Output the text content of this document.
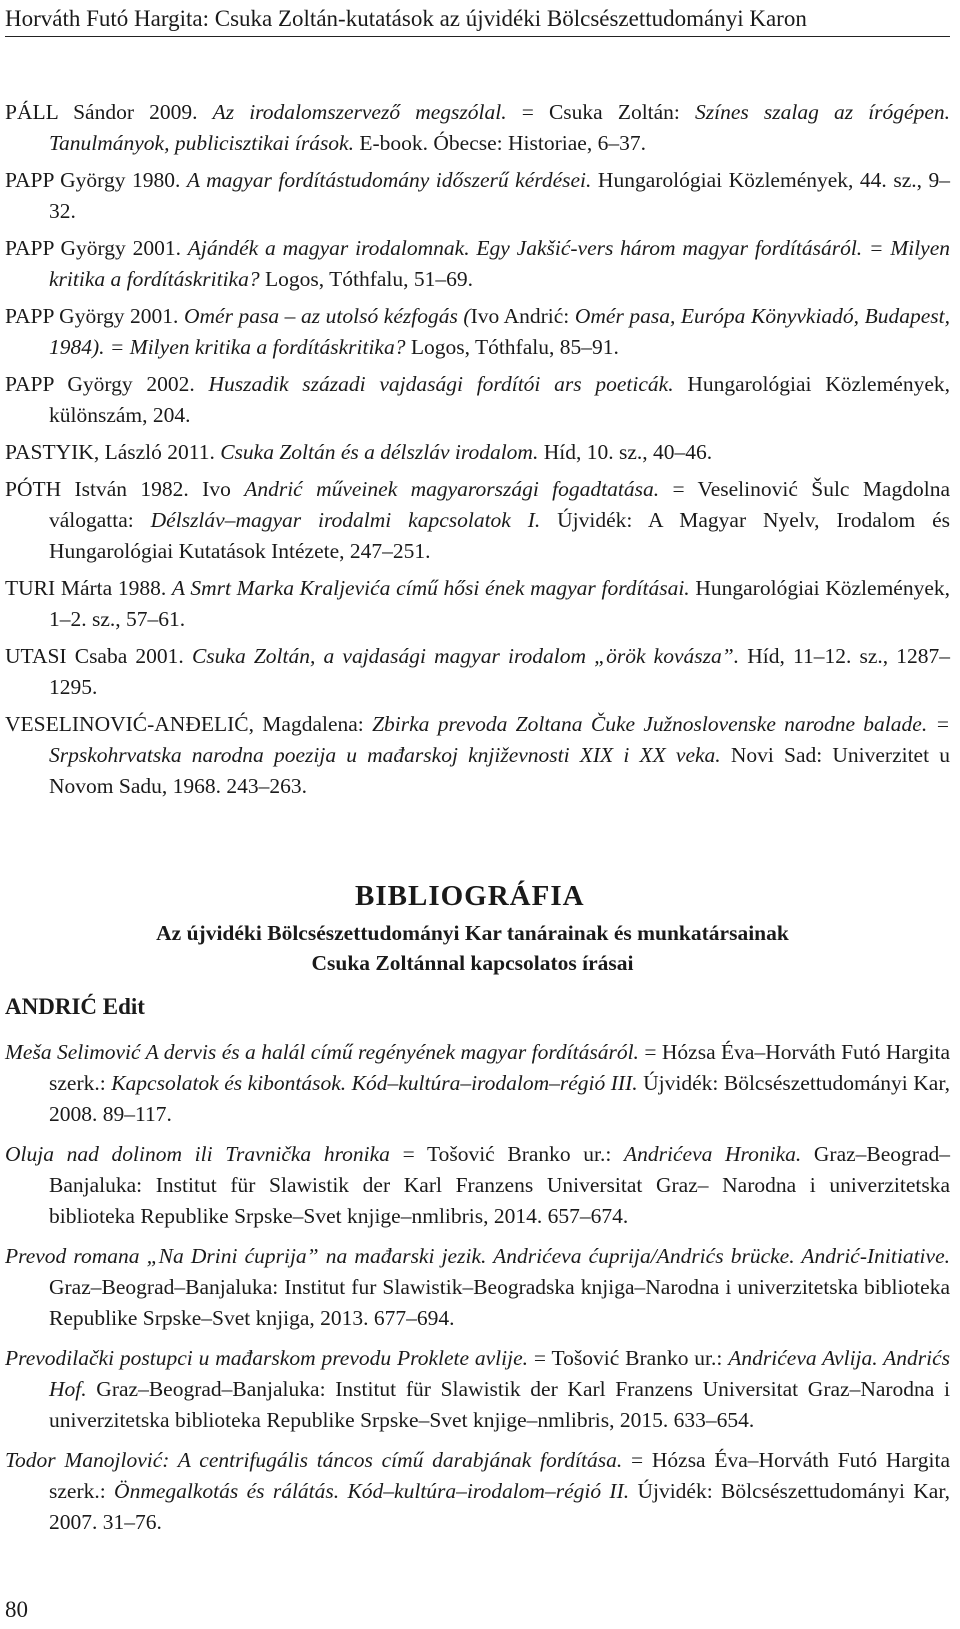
Horváth Futó Hargita: Csuka Zoltán-kutatások az újvidéki Bölcsészettudományi Karon

PÁLL Sándor 2009. Az irodalomszervező megszólal. = Csuka Zoltán: Színes szalag az írógépen. Tanulmányok, publicisztikai írások. E-book. Óbecse: Historiae, 6–37.

PAPP György 1980. A magyar fordítástudomány időszerű kérdései. Hungarológiai Közlemények, 44. sz., 9–32.

PAPP György 2001. Ajándék a magyar irodalomnak. Egy Jakšić-vers három magyar fordításáról. = Milyen kritika a fordításkritika? Logos, Tóthfalu, 51–69.

PAPP György 2001. Omér pasa – az utolsó kézfogás (Ivo Andrić: Omér pasa, Európa Könyvkiadó, Budapest, 1984). = Milyen kritika a fordításkritika? Logos, Tóthfalu, 85–91.

PAPP György 2002. Huszadik századi vajdasági fordítói ars poeticák. Hungarológiai Közlemények, különszám, 204.

PASTYIK, László 2011. Csuka Zoltán és a délszláv irodalom. Híd, 10. sz., 40–46.

PÓTH István 1982. Ivo Andrić műveinek magyarországi fogadtatása. = Veselinović Šulc Magdolna válogatta: Délszláv–magyar irodalmi kapcsolatok I. Újvidék: A Magyar Nyelv, Irodalom és Hungarológiai Kutatások Intézete, 247–251.

TURI Márta 1988. A Smrt Marka Kraljevića című hősi ének magyar fordításai. Hungarológiai Közlemények, 1–2. sz., 57–61.

UTASI Csaba 2001. Csuka Zoltán, a vajdasági magyar irodalom „örök kovásza”. Híd, 11–12. sz., 1287–1295.

VESELINOVIĆ-ANĐELIĆ, Magdalena: Zbirka prevoda Zoltana Čuke Južnoslovenske narodne balade. = Srpskohrvatska narodna poezija u mađarskoj književnosti XIX i XX veka. Novi Sad: Univerzitet u Novom Sadu, 1968. 243–263.

BIBLIOGRÁFIA
Az újvidéki Bölcsészettudományi Kar tanárainak és munkatársainak
Csuka Zoltánnal kapcsolatos írásai
ANDRIĆ Edit

Meša Selimović A dervis és a halál című regényének magyar fordításáról. = Hózsa Éva–Horváth Futó Hargita szerk.: Kapcsolatok és kibontások. Kód–kultúra–irodalom–régió III. Újvidék: Bölcsészettudományi Kar, 2008. 89–117.

Oluja nad dolinom ili Travnička hronika = Tošović Branko ur.: Andrićeva Hronika. Graz–Beograd–Banjaluka: Institut für Slawistik der Karl Franzens Universitat Graz– Narodna i univerzitetska biblioteka Republike Srpske–Svet knjige–nmlibris, 2014. 657–674.

Prevod romana „Na Drini ćuprija” na mađarski jezik. Andrićeva ćuprija/Andrićs brücke. Andrić-Initiative. Graz–Beograd–Banjaluka: Institut fur Slawistik–Beogradska knjiga–Narodna i univerzitetska biblioteka Republike Srpske–Svet knjiga, 2013. 677–694.

Prevodilački postupci u mađarskom prevodu Proklete avlije. = Tošović Branko ur.: Andrićeva Avlija. Andrićs Hof. Graz–Beograd–Banjaluka: Institut für Slawistik der Karl Franzens Universitat Graz–Narodna i univerzitetska biblioteka Republike Srpske–Svet knjige–nmlibris, 2015. 633–654.

Todor Manojlović: A centrifugális táncos című darabjának fordítása. = Hózsa Éva–Horváth Futó Hargita szerk.: Önmegalkotás és rálátás. Kód–kultúra–irodalom–régió II. Újvidék: Bölcsészettudományi Kar, 2007. 31–76.

80
